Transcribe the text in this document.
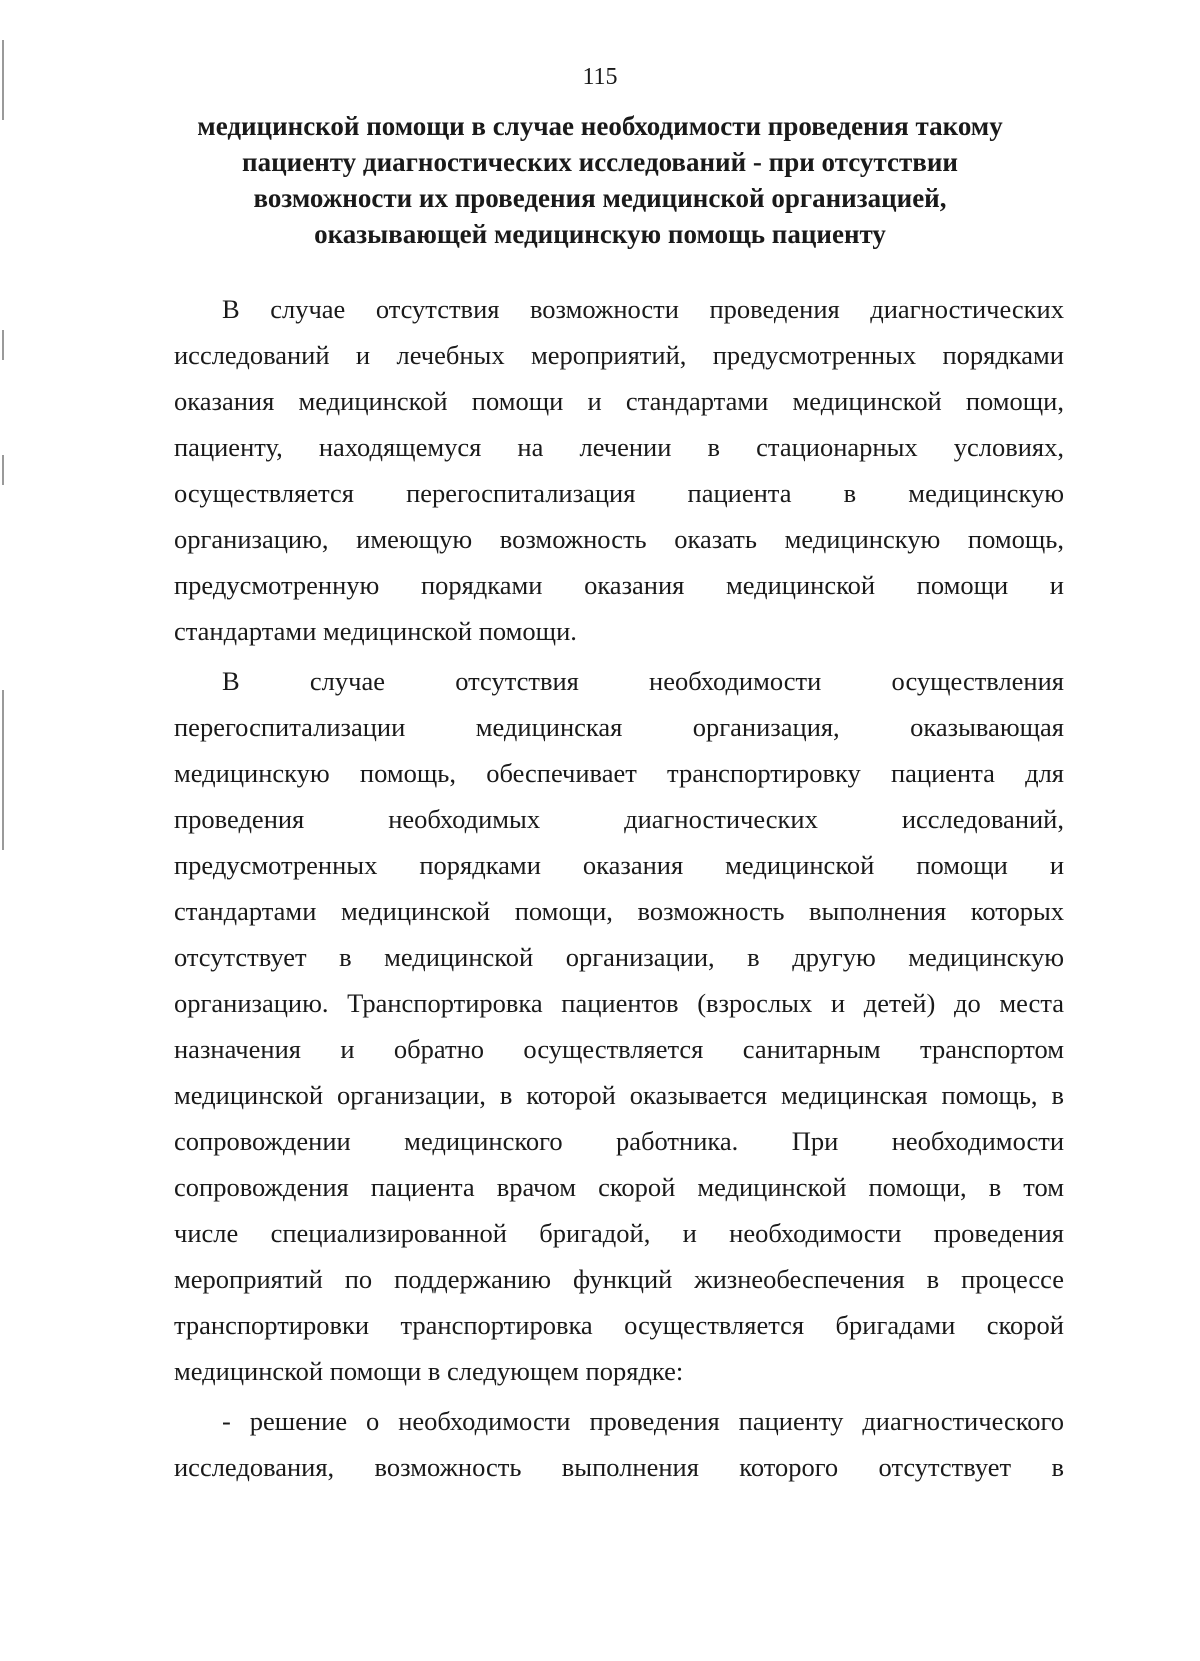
115
медицинской помощи в случае необходимости проведения такому
пациенту диагностических исследований - при отсутствии
возможности их проведения медицинской организацией,
оказывающей медицинскую помощь пациенту
В случае отсутствия возможности проведения диагностических
исследований и лечебных мероприятий, предусмотренных порядками
оказания медицинской помощи и стандартами медицинской помощи,
пациенту, находящемуся на лечении в стационарных условиях,
осуществляется перегоспитализация пациента в медицинскую
организацию, имеющую возможность оказать медицинскую помощь,
предусмотренную порядками оказания медицинской помощи и
стандартами медицинской помощи.
В случае отсутствия необходимости осуществления
перегоспитализации медицинская организация, оказывающая
медицинскую помощь, обеспечивает транспортировку пациента для
проведения необходимых диагностических исследований,
предусмотренных порядками оказания медицинской помощи и
стандартами медицинской помощи, возможность выполнения которых
отсутствует в медицинской организации, в другую медицинскую
организацию. Транспортировка пациентов (взрослых и детей) до места
назначения и обратно осуществляется санитарным транспортом
медицинской организации, в которой оказывается медицинская помощь, в
сопровождении медицинского работника. При необходимости
сопровождения пациента врачом скорой медицинской помощи, в том
числе специализированной бригадой, и необходимости проведения
мероприятий по поддержанию функций жизнеобеспечения в процессе
транспортировки транспортировка осуществляется бригадами скорой
медицинской помощи в следующем порядке:
- решение о необходимости проведения пациенту диагностического
исследования, возможность выполнения которого отсутствует в
